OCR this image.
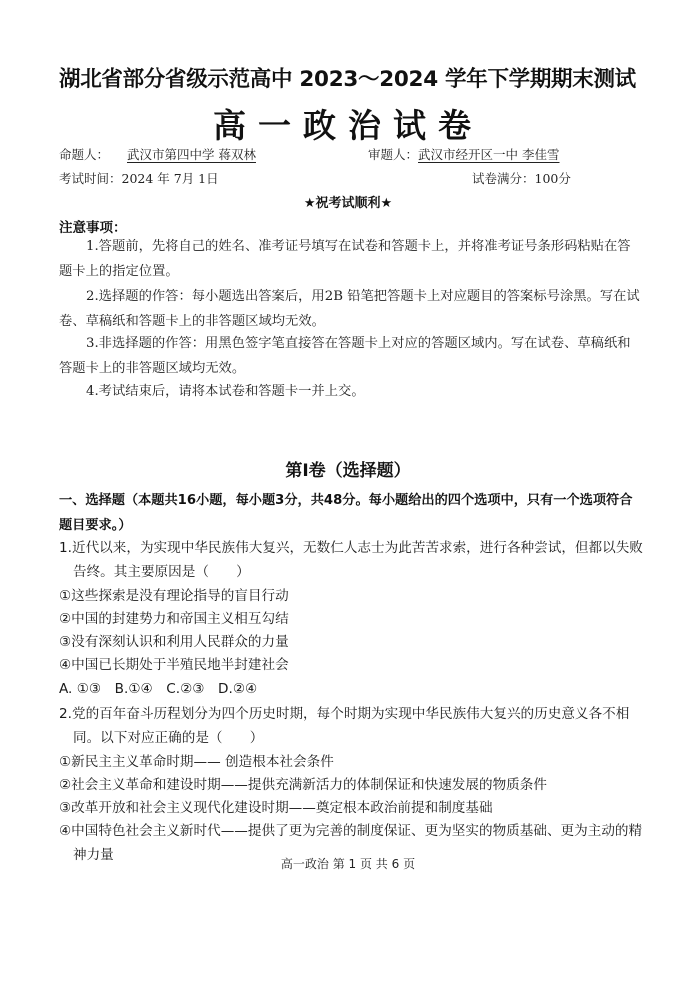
湖北省部分省级示范高中 2023～2024 学年下学期期末测试
高一政治试卷
命题人： 武汉市第四中学 蒋双林	审题人：武汉市经开区一中 李佳雪
考试时间：2024 年 7月 1日	试卷满分：100分
★祝考试顺利★
注意事项：

1.答题前，先将自己的姓名、准考证号填写在试卷和答题卡上，并将准考证号条形码粘贴在答题卡上的指定位置。

2.选择题的作答：每小题选出答案后，用2B 铅笔把答题卡上对应题目的答案标号涂黑。写在试卷、草稿纸和答题卡上的非答题区域均无效。

3.非选择题的作答：用黑色签字笔直接答在答题卡上对应的答题区域内。写在试卷、草稿纸和答题卡上的非答题区域均无效。

4.考试结束后，请将本试卷和答题卡一并上交。

第Ⅰ卷（选择题）

一、选择题（本题共16小题，每小题3分，共48分。每小题给出的四个选项中，只有一个选项符合题目要求。）

1.近代以来，为实现中华民族伟大复兴，无数仁人志士为此苦苦求索，进行各种尝试，但都以失败告终。其主要原因是（　　）

①这些探索是没有理论指导的盲目行动
②中国的封建势力和帝国主义相互勾结
③没有深刻认识和利用人民群众的力量
④中国已长期处于半殖民地半封建社会
A. ①③　B.①④　C.②③　D.②④

2.党的百年奋斗历程划分为四个历史时期，每个时期为实现中华民族伟大复兴的历史意义各不相同。以下对应正确的是（　　）

①新民主主义革命时期—— 创造根本社会条件
②社会主义革命和建设时期——提供充满新活力的体制保证和快速发展的物质条件
③改革开放和社会主义现代化建设时期——奠定根本政治前提和制度基础

④中国特色社会主义新时代——提供了更为完善的制度保证、更为坚实的物质基础、更为主动的精神力量

高一政治 第 1 页 共 6 页
